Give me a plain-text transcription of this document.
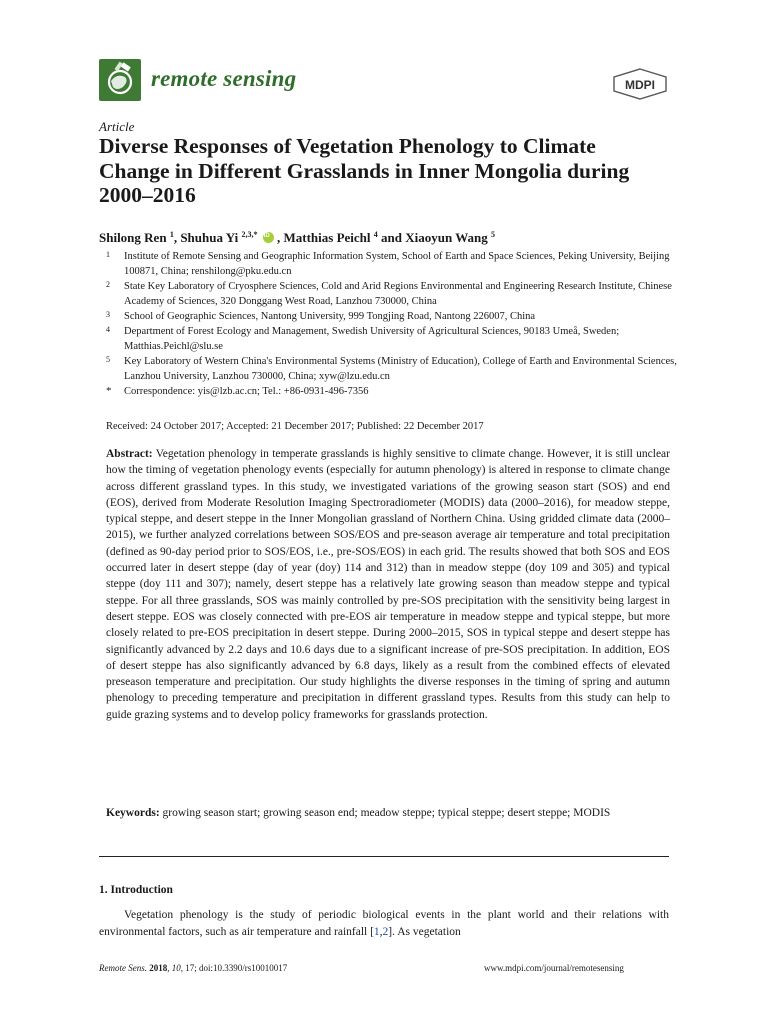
remote sensing	MDPI
Article
Diverse Responses of Vegetation Phenology to Climate Change in Different Grasslands in Inner Mongolia during 2000–2016
Shilong Ren $^1$, Shuhua Yi $^{2,3,*}$ iD , Matthias Peichl $^4$ and Xiaoyun Wang $^5$
1 Institute of Remote Sensing and Geographic Information System, School of Earth and Space Sciences, Peking University, Beijing 100871, China; renshilong@pku.edu.cn
2 State Key Laboratory of Cryosphere Sciences, Cold and Arid Regions Environmental and Engineering Research Institute, Chinese Academy of Sciences, 320 Donggang West Road, Lanzhou 730000, China
3 School of Geographic Sciences, Nantong University, 999 Tongjing Road, Nantong 226007, China
4 Department of Forest Ecology and Management, Swedish University of Agricultural Sciences, 90183 Umeå, Sweden; Matthias.Peichl@slu.se
5 Key Laboratory of Western China's Environmental Systems (Ministry of Education), College of Earth and Environmental Sciences, Lanzhou University, Lanzhou 730000, China; xyw@lzu.edu.cn
* Correspondence: yis@lzb.ac.cn; Tel.: +86-0931-496-7356
Received: 24 October 2017; Accepted: 21 December 2017; Published: 22 December 2017
Abstract: Vegetation phenology in temperate grasslands is highly sensitive to climate change. However, it is still unclear how the timing of vegetation phenology events (especially for autumn phenology) is altered in response to climate change across different grassland types. In this study, we investigated variations of the growing season start (SOS) and end (EOS), derived from Moderate Resolution Imaging Spectroradiometer (MODIS) data (2000–2016), for meadow steppe, typical steppe, and desert steppe in the Inner Mongolian grassland of Northern China. Using gridded climate data (2000–2015), we further analyzed correlations between SOS/EOS and pre-season average air temperature and total precipitation (defined as 90-day period prior to SOS/EOS, i.e., pre-SOS/EOS) in each grid. The results showed that both SOS and EOS occurred later in desert steppe (day of year (doy) 114 and 312) than in meadow steppe (doy 109 and 305) and typical steppe (doy 111 and 307); namely, desert steppe has a relatively late growing season than meadow steppe and typical steppe. For all three grasslands, SOS was mainly controlled by pre-SOS precipitation with the sensitivity being largest in desert steppe. EOS was closely connected with pre-EOS air temperature in meadow steppe and typical steppe, but more closely related to pre-EOS precipitation in desert steppe. During 2000–2015, SOS in typical steppe and desert steppe has significantly advanced by 2.2 days and 10.6 days due to a significant increase of pre-SOS precipitation. In addition, EOS of desert steppe has also significantly advanced by 6.8 days, likely as a result from the combined effects of elevated preseason temperature and precipitation. Our study highlights the diverse responses in the timing of spring and autumn phenology to preceding temperature and precipitation in different grassland types. Results from this study can help to guide grazing systems and to develop policy frameworks for grasslands protection.
Keywords: growing season start; growing season end; meadow steppe; typical steppe; desert steppe; MODIS
1. Introduction
Vegetation phenology is the study of periodic biological events in the plant world and their relations with environmental factors, such as air temperature and rainfall [1,2]. As vegetation
Remote Sens. 2018, 10, 17; doi:10.3390/rs10010017	www.mdpi.com/journal/remotesensing
